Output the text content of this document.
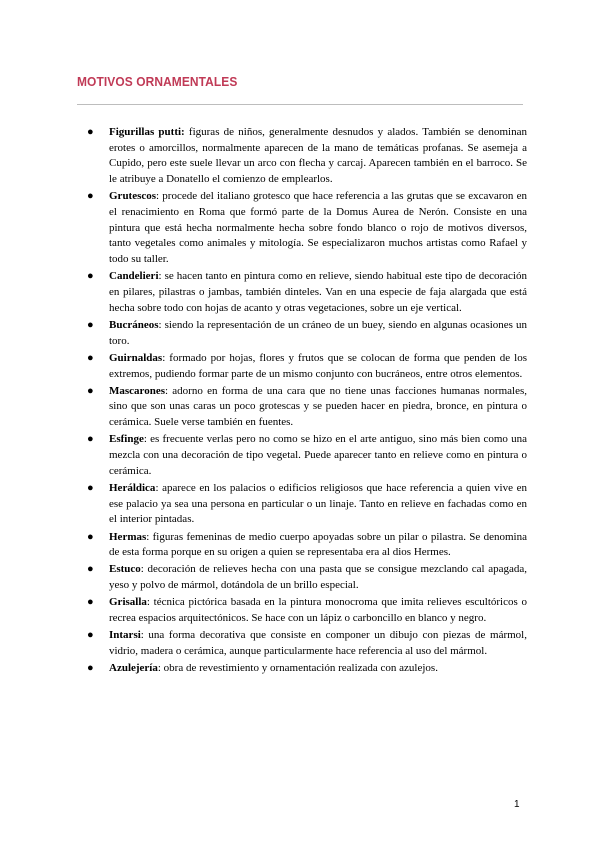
MOTIVOS ORNAMENTALES
● Figurillas putti: figuras de niños, generalmente desnudos y alados. También se denominan erotes o amorcillos, normalmente aparecen de la mano de temáticas profanas. Se asemeja a Cupido, pero este suele llevar un arco con flecha y carcaj. Aparecen también en el barroco. Se le atribuye a Donatello el comienzo de emplearlos.
● Grutescos: procede del italiano grotesco que hace referencia a las grutas que se excavaron en el renacimiento en Roma que formó parte de la Domus Aurea de Nerón. Consiste en una pintura que está hecha normalmente hecha sobre fondo blanco o rojo de motivos diversos, tanto vegetales como animales y mitología. Se especializaron muchos artistas como Rafael y todo su taller.
● Candelieri: se hacen tanto en pintura como en relieve, siendo habitual este tipo de decoración en pilares, pilastras o jambas, también dinteles. Van en una especie de faja alargada que está hecha sobre todo con hojas de acanto y otras vegetaciones, sobre un eje vertical.
● Bucráneos: siendo la representación de un cráneo de un buey, siendo en algunas ocasiones un toro.
● Guirnaldas: formado por hojas, flores y frutos que se colocan de forma que penden de los extremos, pudiendo formar parte de un mismo conjunto con bucráneos, entre otros elementos.
● Mascarones: adorno en forma de una cara que no tiene unas facciones humanas normales, sino que son unas caras un poco grotescas y se pueden hacer en piedra, bronce, en pintura o cerámica. Suele verse también en fuentes.
● Esfinge: es frecuente verlas pero no como se hizo en el arte antiguo, sino más bien como una mezcla con una decoración de tipo vegetal. Puede aparecer tanto en relieve como en pintura o cerámica.
● Heráldica: aparece en los palacios o edificios religiosos que hace referencia a quien vive en ese palacio ya sea una persona en particular o un linaje. Tanto en relieve en fachadas como en el interior pintadas.
● Hermas: figuras femeninas de medio cuerpo apoyadas sobre un pilar o pilastra. Se denomina de esta forma porque en su origen a quien se representaba era al dios Hermes.
● Estuco: decoración de relieves hecha con una pasta que se consigue mezclando cal apagada, yeso y polvo de mármol, dotándola de un brillo especial.
● Grisalla: técnica pictórica basada en la pintura monocroma que imita relieves escultóricos o recrea espacios arquitectónicos. Se hace con un lápiz o carboncillo en blanco y negro.
● Intarsi: una forma decorativa que consiste en componer un dibujo con piezas de mármol, vidrio, madera o cerámica, aunque particularmente hace referencia al uso del mármol.
● Azulejería: obra de revestimiento y ornamentación realizada con azulejos.
1
